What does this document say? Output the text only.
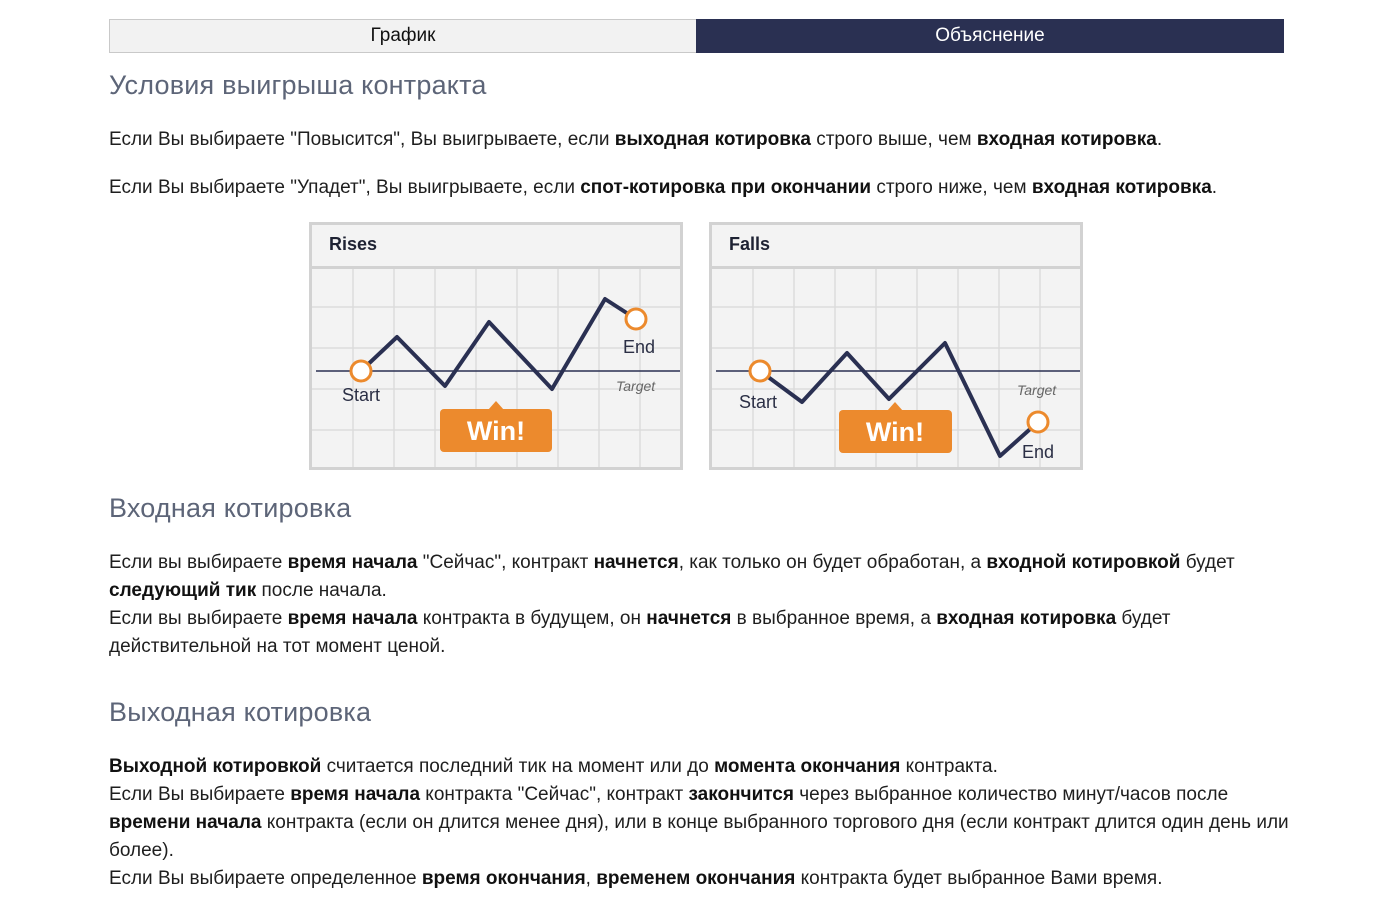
График	Объяснение
Условия выигрыша контракта

Если Вы выбираете "Повысится", Вы выигрываете, если выходная котировка строго выше, чем входная котировка.

Если Вы выбираете "Упадет", Вы выигрываете, если спот-котировка при окончании строго ниже, чем входная котировка.

Start
End
Target
Win!
Rises
Start
End
Target
Win!
Falls
Входная котировка

Если вы выбираете время начала "Сейчас", контракт начнется, как только он будет обработан, а входной котировкой будет следующий тик после начала.

Если вы выбираете время начала контракта в будущем, он начнется в выбранное время, а входная котировка будет действительной на тот момент ценой.

Выходная котировка

Выходной котировкой считается последний тик на момент или до момента окончания контракта.

Если Вы выбираете время начала контракта "Сейчас", контракт закончится через выбранное количество минут/часов после времени начала контракта (если он длится менее дня), или в конце выбранного торгового дня (если контракт длится один день или более).

Если Вы выбираете определенное время окончания, временем окончания контракта будет выбранное Вами время.
